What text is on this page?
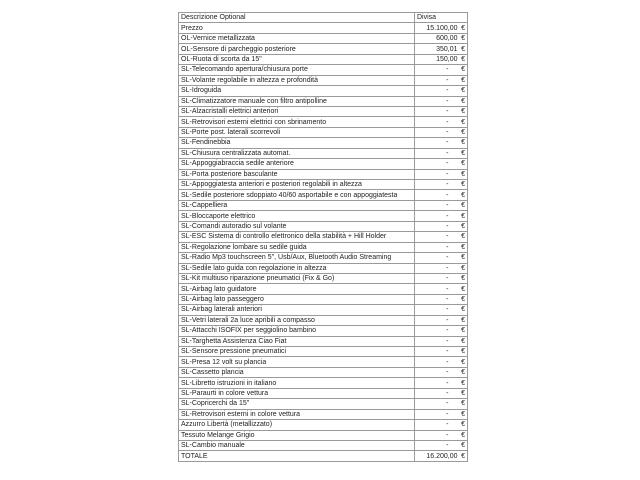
Descrizione Optional	Divisa	
Prezzo	15.100,00	€
OL-Vernice metallizzata	600,00	€
OL-Sensore di parcheggio posteriore	350,01	€
OL-Ruota di scorta da 15"	150,00	€
SL-Telecomando apertura/chiusura porte	-	€
SL-Volante regolabile in altezza e profondità	-	€
SL-Idroguida	-	€
SL-Climatizzatore manuale con filtro antipolline	-	€
SL-Alzacristalli elettrici anteriori	-	€
SL-Retrovisori esterni elettrici con sbrinamento	-	€
SL-Porte post. laterali scorrevoli	-	€
SL-Fendinebbia	-	€
SL-Chiusura centralizzata automat.	-	€
SL-Appoggiabraccia sedile anteriore	-	€
SL-Porta posteriore basculante	-	€
SL-Appoggiatesta anteriori e posteriori regolabili in altezza	-	€
SL-Sedile posteriore sdoppiato 40/60 asportabile e con appoggiatesta	-	€
SL-Cappelliera	-	€
SL-Bloccaporte elettrico	-	€
SL-Comandi autoradio sul volante	-	€
SL-ESC Sistema di controllo elettronico della stabilità + Hill Holder	-	€
SL-Regolazione lombare su sedile guida	-	€
SL-Radio Mp3 touchscreen 5", Usb/Aux, Bluetooth Audio Streaming	-	€
SL-Sedile lato guida con regolazione in altezza	-	€
SL-Kit multiuso riparazione pneumatici (Fix & Go)	-	€
SL-Airbag lato guidatore	-	€
SL-Airbag lato passeggero	-	€
SL-Airbag laterali anteriori	-	€
SL-Vetri laterali 2a luce apribili a compasso	-	€
SL-Attacchi ISOFIX per seggiolino bambino	-	€
SL-Targhetta Assistenza Ciao Fiat	-	€
SL-Sensore pressione pneumatici	-	€
SL-Presa 12 volt su plancia	-	€
SL-Cassetto plancia	-	€
SL-Libretto istruzioni in italiano	-	€
SL-Paraurti in colore vettura	-	€
SL-Copricerchi da 15"	-	€
SL-Retrovisori esterni in colore vettura	-	€
Azzurro Libertà (metallizzato)	-	€
Tessuto Melange Grigio	-	€
SL-Cambio manuale	-	€
TOTALE	16.200,00	€
